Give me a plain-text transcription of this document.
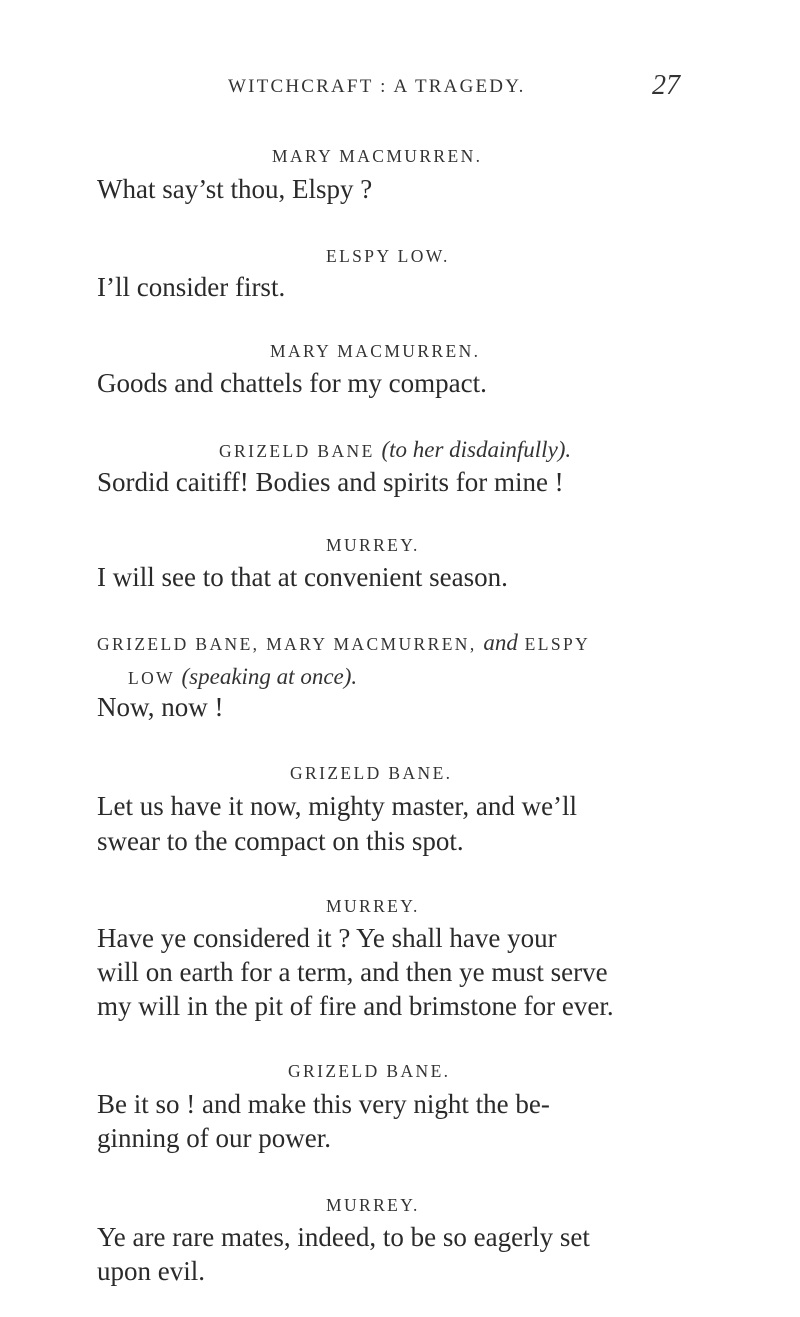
WITCHCRAFT : A TRAGEDY.	27
MARY MACMURREN.
What say’st thou, Elspy ?
ELSPY LOW.
I’ll consider first.
MARY MACMURREN.
Goods and chattels for my compact.
GRIZELD BANE (to her disdainfully).
Sordid caitiff! Bodies and spirits for mine !
MURREY.
I will see to that at convenient season.
GRIZELD BANE, MARY MACMURREN, and ELSPY
LOW (speaking at once).
Now, now !
GRIZELD BANE.
Let us have it now, mighty master, and we’ll
swear to the compact on this spot.
MURREY.
Have ye considered it ? Ye shall have your
will on earth for a term, and then ye must serve
my will in the pit of fire and brimstone for ever.
GRIZELD BANE.
Be it so ! and make this very night the be-
ginning of our power.
MURREY.
Ye are rare mates, indeed, to be so eagerly set
upon evil.
